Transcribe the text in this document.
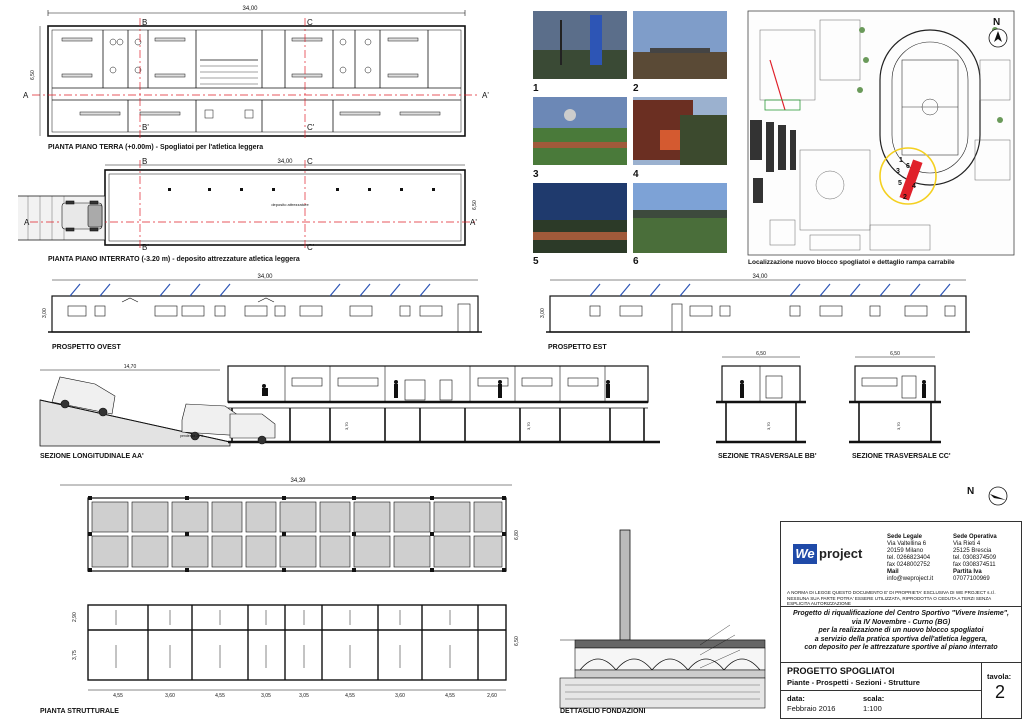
34,00
6,50
A	A'
B
B'
C
C'
PIANTA PIANO TERRA (+0.00m) - Spogliatoi per l'atletica leggera
34,00
6,50
deposito attrezzature
A	A'
B
B'
C
C'
PIANTA PIANO INTERRATO (-3.20 m) - deposito attrezzature atletica leggera
1	2
3	4
5	6
N
1
2
3
4
5
6
Localizzazione nuovo blocco spogliatoi e dettaglio rampa carrabile
34,00
3,00
PROSPETTO OVEST
34,00
3,00
PROSPETTO EST
14,70
pendenza 20%
3,70	3,70
SEZIONE LONGITUDINALE AA'
6,50	6,50
3,70	3,70
SEZIONE TRASVERSALE BB'	SEZIONE TRASVERSALE CC'
34,39
6,80
6,50
2,90
3,75
4,55	3,60	4,55	3,05	3,05	4,55	3,60	4,55	2,60
PIANTA STRUTTURALE
N
DETTAGLIO FONDAZIONI
We project
Sede Legale
Via Valtellina 6
20159 Milano
tel. 0266823404
fax 0248002752
Mail
info@weproject.it
Sede Operativa
Via Rieti 4
25125 Brescia
tel. 0308374509
fax 0308374511
Partita Iva
07077100969
A NORMA DI LEGGE QUESTO DOCUMENTO E' DI PROPRIETA' ESCLUSIVA DI WE PROJECT s.r.l. NESSUNA SUA PARTE POTRA' ESSERE UTILIZZATA, RIPRODOTTA O CEDUTA A TERZI SENZA ESPLICITA AUTORIZZAZIONE
Progetto di riqualificazione del Centro Sportivo "Vivere Insieme",
via IV Novembre - Curno (BG)
per la realizzazione di un nuovo blocco spogliatoi
a servizio della pratica sportiva dell'atletica leggera,
con deposito per le attrezzature sportive al piano interrato
PROGETTO SPOGLIATOI
Piante - Prospetti - Sezioni - Strutture
tavola:
2
data:
Febbraio 2016
scala:
1:100
